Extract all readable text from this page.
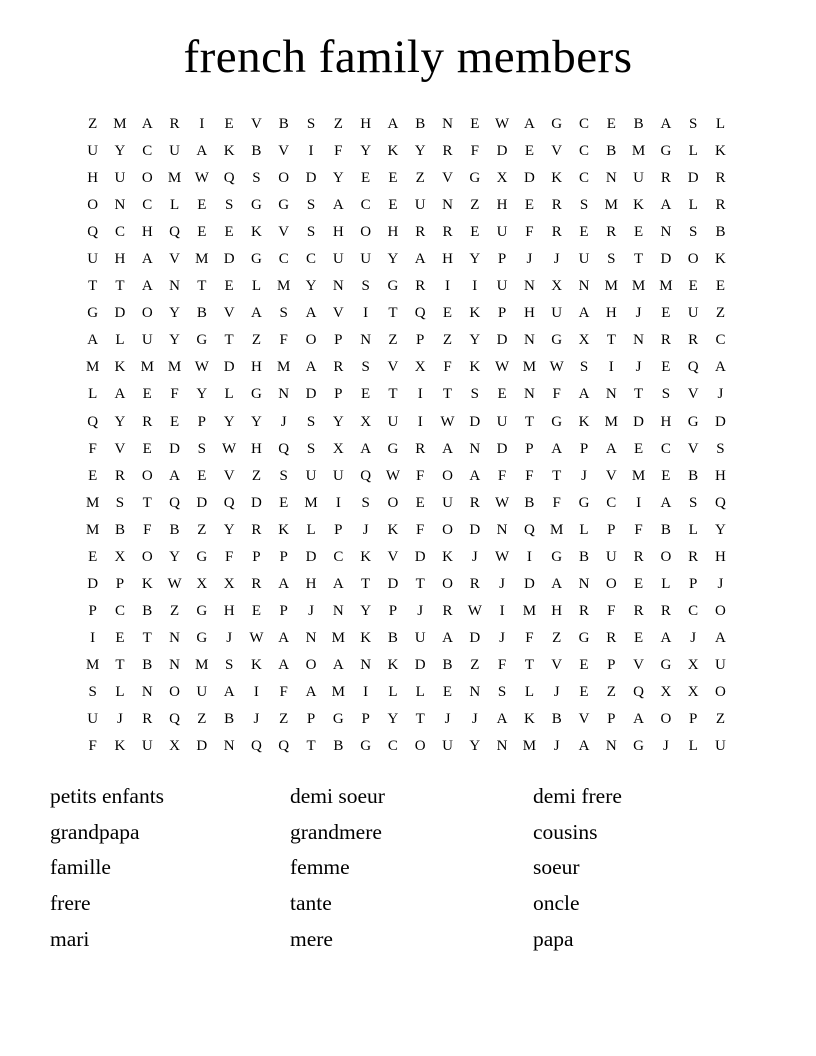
french family members
Z	M	A	R	I	E	V	B	S	Z	H	A	B	N	E	W A	G	C	E	B	A	S	L
U	Y	C	U	A	K	B	V	I	F	Y	K	Y	R	F	D	E	V	C	B	M	G	L	K
H	U	O	M W Q	S	O	D	Y	E	E	Z	V	G	X	D	K	C	N	U	R	D	R
O	N	C	L	E	S	G	G	S	A	C	E	U	N	Z	H	E	R	S	M	K	A	L	R
Q	C	H	Q	E	E	K	V	S	H	O	H	R	R	E	U	F	R	E	R	E	N	S	B
U	H	A	V	M	D	G	C	C	U	U	Y	A	H	Y	P	J	J	U	S	T	D	O	K
T	T	A	N	T	E	L	M	Y	N	S	G	R	I	I	U	N	X	N	M M M	E	E
G	D	O	Y	B	V	A	S	A	V	I	T	Q	E	K	P	H	U	A	H	J	E	U	Z
A	L	U	Y	G	T	Z	F	O	P	N	Z	P	Z	Y	D	N	G	X	T	N	R	R	C
M	K	M M W D	H	M	A	R	S	V	X	F	K W M W	S	I	J	E	Q	A
L	A	E	F	Y	L	G	N	D	P	E	T	I	T	S	E	N	F	A	N	T	S	V	J
Q	Y	R	E	P	Y	Y	J	S	Y	X	U	I	W D	U	T	G	K	M	D	H	G	D
F	V	E	D	S	W H	Q	S	X	A	G	R	A	N	D	P	A	P	A	E	C	V	S
E	R	O	A	E	V	Z	S	U	U	Q W	F	O	A	F	F	T	J	V	M	E	B	H
M	S	T	Q	D	Q	D	E	M	I	S	O	E	U	R	W	B	F	G	C	I	A	S	Q
M	B	F	B	Z	Y	R	K	L	P	J	K	F	O	D	N	Q	M	L	P	F	B	L	Y
E	X	O	Y	G	F	P	P	D	C	K	V	D	K	J	W	I	G	B	U	R	O	R	H
D	P	K W X	X	R	A	H	A	T	D	T	O	R	J	D	A	N	O	E	L	P	J
P	C	B	Z	G	H	E	P	J	N	Y	P	J	R	W	I	M	H	R	F	R	R	C	O
I	E	T	N	G	J	W A	N	M	K	B	U	A	D	J	F	Z	G	R	E	A	J	A
M	T	B	N	M	S	K	A	O	A	N	K	D	B	Z	F	T	V	E	P	V	G	X	U
S	L	N	O	U	A	I	F	A	M	I	L	L	E	N	S	L	J	E	Z	Q	X	X	O
U	J	R	Q	Z	B	J	Z	P	G	P	Y	T	J	J	A	K	B	V	P	A	O	P	Z
F	K	U	X	D	N	Q	Q	T	B	G	C	O	U	Y	N	M	J	A	N	G	J	L	U
petits enfants
grandpapa
famille
frere
mari
demi soeur
grandmere
femme
tante
mere
demi frere
cousins
soeur
oncle
papa
